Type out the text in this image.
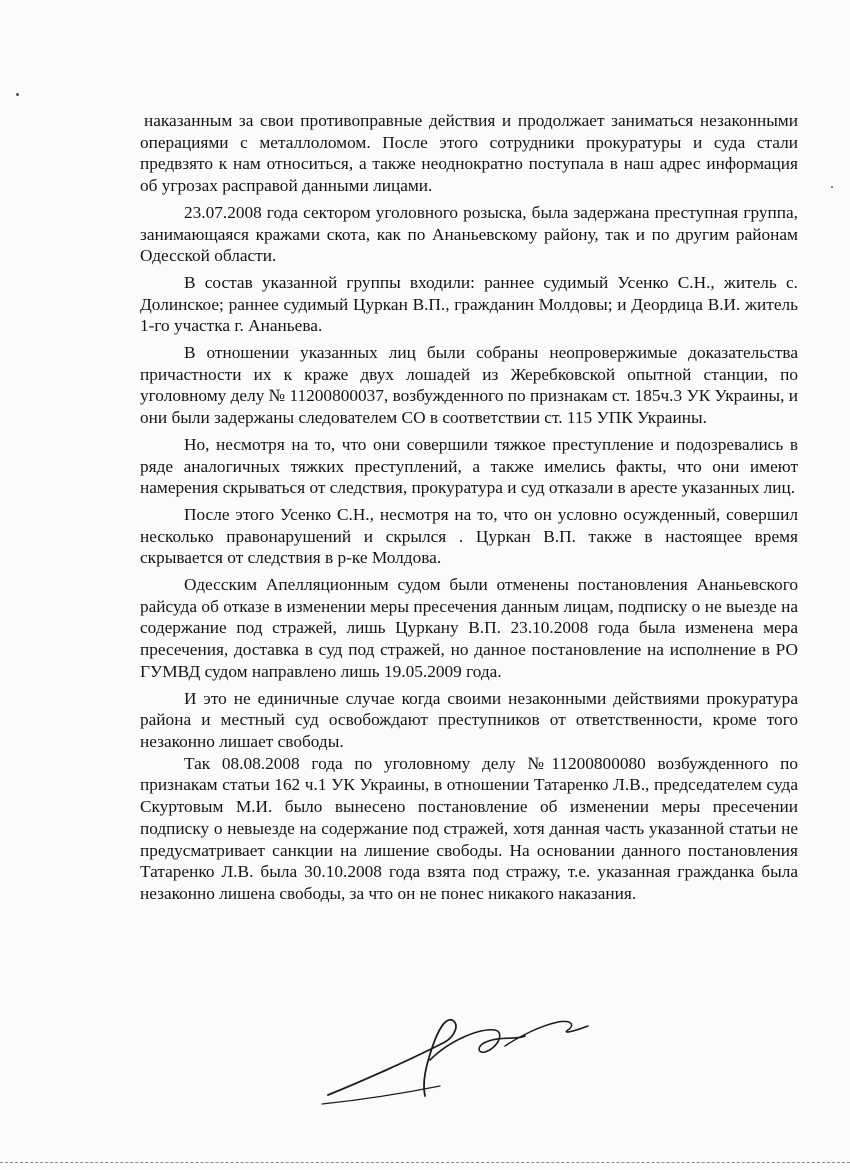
наказанным за свои противоправные действия и продолжает заниматься незаконными операциями с металлоломом. После этого сотрудники прокуратуры и суда стали предвзято к нам относиться, а также неоднократно поступала в наш адрес информация об угрозах расправой данными лицами.

23.07.2008 года сектором уголовного розыска, была задержана преступная группа, занимающаяся кражами скота, как по Ананьевскому району, так и по другим районам Одесской области.

В состав указанной группы входили: раннее судимый Усенко С.Н., житель с. Долинское; раннее судимый Цуркан В.П., гражданин Молдовы; и Деордица В.И. житель 1-го участка г. Ананьева.

В отношении указанных лиц были собраны неопровержимые доказательства причастности их к краже двух лошадей из Жеребковской опытной станции, по уголовному делу № 11200800037, возбужденного по признакам ст. 185ч.3 УК Украины, и они были задержаны следователем СО в соответствии ст. 115 УПК Украины.

Но, несмотря на то, что они совершили тяжкое преступление и подозревались в ряде аналогичных тяжких преступлений, а также имелись факты, что они имеют намерения скрываться от следствия, прокуратура и суд отказали в аресте указанных лиц.

После этого Усенко С.Н., несмотря на то, что он условно осужденный, совершил несколько правонарушений и скрылся . Цуркан В.П. также в настоящее время скрывается от следствия в р-ке Молдова.

Одесским Апелляционным судом были отменены постановления Ананьевского райсуда об отказе в изменении меры пресечения данным лицам, подписку о не выезде на содержание под стражей, лишь Цуркану В.П. 23.10.2008 года была изменена мера пресечения, доставка в суд под стражей, но данное постановление на исполнение в РО ГУМВД судом направлено лишь 19.05.2009 года.

И это не единичные случае когда своими незаконными действиями прокуратура района и местный суд освобождают преступников от ответственности, кроме того незаконно лишает свободы.

Так 08.08.2008 года по уголовному делу №11200800080 возбужденного по признакам статьи 162 ч.1 УК Украины, в отношении Татаренко Л.В., председателем суда Скуртовым М.И. было вынесено постановление об изменении меры пресечении подписку о невыезде на содержание под стражей, хотя данная часть указанной статьи не предусматривает санкции на лишение свободы. На основании данного постановления Татаренко Л.В. была 30.10.2008 года взята под стражу, т.е. указанная гражданка была незаконно лишена свободы, за что он не понес никакого наказания.
